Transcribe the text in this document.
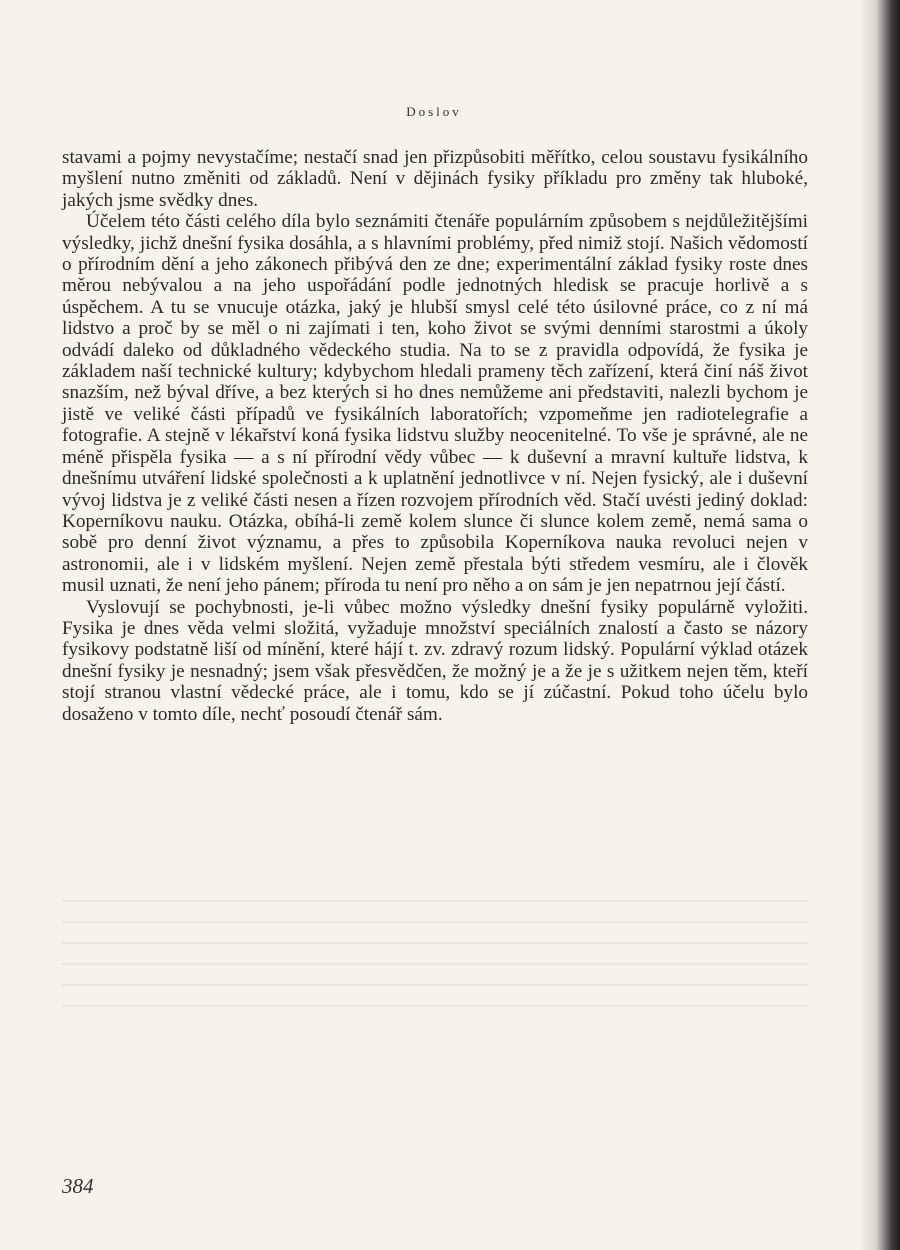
Doslov

stavami a pojmy nevystačíme; nestačí snad jen přizpůsobiti měřítko, celou soustavu fysikálního myšlení nutno změniti od základů. Není v dějinách fysiky příkladu pro změny tak hluboké, jakých jsme svědky dnes.

Účelem této části celého díla bylo seznámiti čtenáře populárním způsobem s nejdůležitějšími výsledky, jichž dnešní fysika dosáhla, a s hlavními problémy, před nimiž stojí. Našich vědomostí o přírodním dění a jeho zákonech přibývá den ze dne; experimentální základ fysiky roste dnes měrou nebývalou a na jeho uspořádání podle jednotných hledisk se pracuje horlivě a s úspěchem. A tu se vnucuje otázka, jaký je hlubší smysl celé této úsilovné práce, co z ní má lidstvo a proč by se měl o ni zajímati i ten, koho život se svými denními starostmi a úkoly odvádí daleko od důkladného vědeckého studia. Na to se z pravidla odpovídá, že fysika je základem naší technické kultury; kdybychom hledali prameny těch zařízení, která činí náš život snazším, než býval dříve, a bez kterých si ho dnes nemůžeme ani představiti, nalezli bychom je jistě ve veliké části případů ve fysikálních laboratořích; vzpomeňme jen radiotelegrafie a fotografie. A stejně v lékařství koná fysika lidstvu služby neocenitelné. To vše je správné, ale ne méně přispěla fysika — a s ní přírodní vědy vůbec — k duševní a mravní kultuře lidstva, k dnešnímu utváření lidské společnosti a k uplatnění jednotlivce v ní. Nejen fysický, ale i duševní vývoj lidstva je z veliké části nesen a řízen rozvojem přírodních věd. Stačí uvésti jediný doklad: Koperníkovu nauku. Otázka, obíhá-li země kolem slunce či slunce kolem země, nemá sama o sobě pro denní život významu, a přes to způsobila Koperníkova nauka revoluci nejen v astronomii, ale i v lidském myšlení. Nejen země přestala býti středem vesmíru, ale i člověk musil uznati, že není jeho pánem; příroda tu není pro něho a on sám je jen nepatrnou její částí.

Vyslovují se pochybnosti, je-li vůbec možno výsledky dnešní fysiky populárně vyložiti. Fysika je dnes věda velmi složitá, vyžaduje množství speciálních znalostí a často se názory fysikovy podstatně liší od mínění, které hájí t. zv. zdravý rozum lidský. Populární výklad otázek dnešní fysiky je nesnadný; jsem však přesvědčen, že možný je a že je s užitkem nejen těm, kteří stojí stranou vlastní vědecké práce, ale i tomu, kdo se jí zúčastní. Pokud toho účelu bylo dosaženo v tomto díle, nechť posoudí čtenář sám.

384
